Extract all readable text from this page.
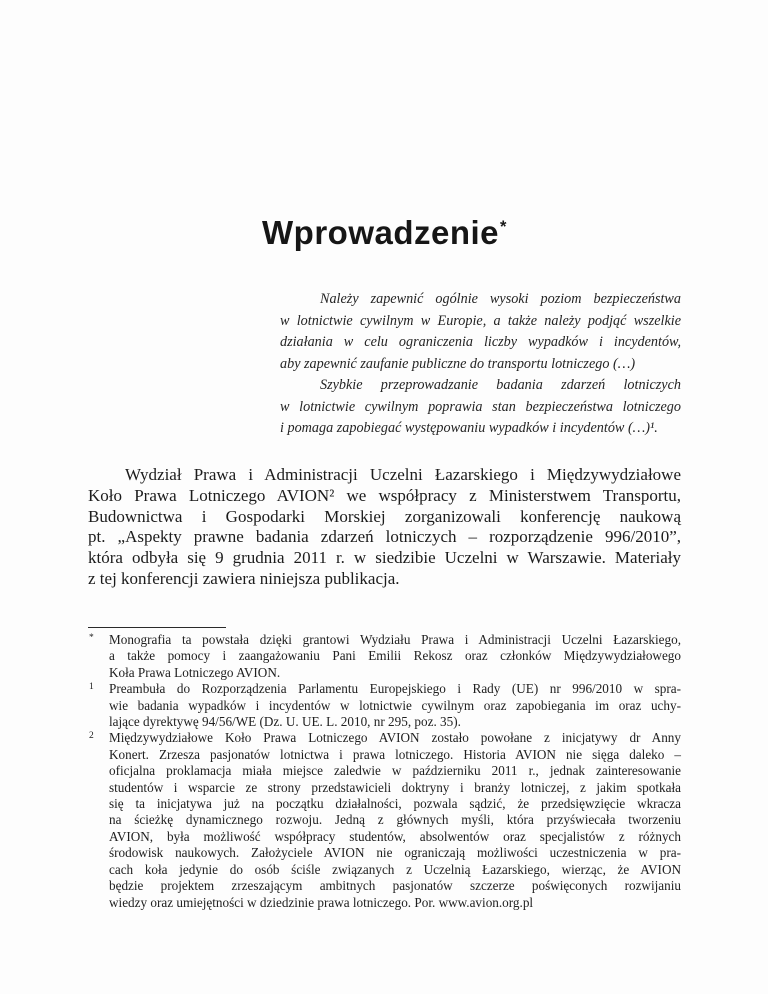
Wprowadzenie*
Należy zapewnić ogólnie wysoki poziom bezpieczeństwa
w lotnictwie cywilnym w Europie, a także należy podjąć wszelkie
działania w celu ograniczenia liczby wypadków i incydentów,
aby zapewnić zaufanie publiczne do transportu lotniczego (…)
Szybkie przeprowadzanie badania zdarzeń lotniczych
w lotnictwie cywilnym poprawia stan bezpieczeństwa lotniczego
i pomaga zapobiegać występowaniu wypadków i incydentów (…)¹.
Wydział Prawa i Administracji Uczelni Łazarskiego i Międzywydziałowe
Koło Prawa Lotniczego AVION² we współpracy z Ministerstwem Transportu,
Budownictwa i Gospodarki Morskiej zorganizowali konferencję naukową
pt. „Aspekty prawne badania zdarzeń lotniczych – rozporządzenie 996/2010”,
która odbyła się 9 grudnia 2011 r. w siedzibie Uczelni w Warszawie. Materiały
z tej konferencji zawiera niniejsza publikacja.
* Monografia ta powstała dzięki grantowi Wydziału Prawa i Administracji Uczelni Łazarskiego,
a także pomocy i zaangażowaniu Pani Emilii Rekosz oraz członków Międzywydziałowego
Koła Prawa Lotniczego AVION.
1 Preambuła do Rozporządzenia Parlamentu Europejskiego i Rady (UE) nr 996/2010 w spra-
wie badania wypadków i incydentów w lotnictwie cywilnym oraz zapobiegania im oraz uchy-
lające dyrektywę 94/56/WE (Dz. U. UE. L. 2010, nr 295, poz. 35).
2 Międzywydziałowe Koło Prawa Lotniczego AVION zostało powołane z inicjatywy dr Anny
Konert. Zrzesza pasjonatów lotnictwa i prawa lotniczego. Historia AVION nie sięga daleko –
oficjalna proklamacja miała miejsce zaledwie w październiku 2011 r., jednak zainteresowanie
studentów i wsparcie ze strony przedstawicieli doktryny i branży lotniczej, z jakim spotkała
się ta inicjatywa już na początku działalności, pozwala sądzić, że przedsięwzięcie wkracza
na ścieżkę dynamicznego rozwoju. Jedną z głównych myśli, która przyświecała tworzeniu
AVION, była możliwość współpracy studentów, absolwentów oraz specjalistów z różnych
środowisk naukowych. Założyciele AVION nie ograniczają możliwości uczestniczenia w pra-
cach koła jedynie do osób ściśle związanych z Uczelnią Łazarskiego, wierząc, że AVION
będzie projektem zrzeszającym ambitnych pasjonatów szczerze poświęconych rozwijaniu
wiedzy oraz umiejętności w dziedzinie prawa lotniczego. Por. www.avion.org.pl
